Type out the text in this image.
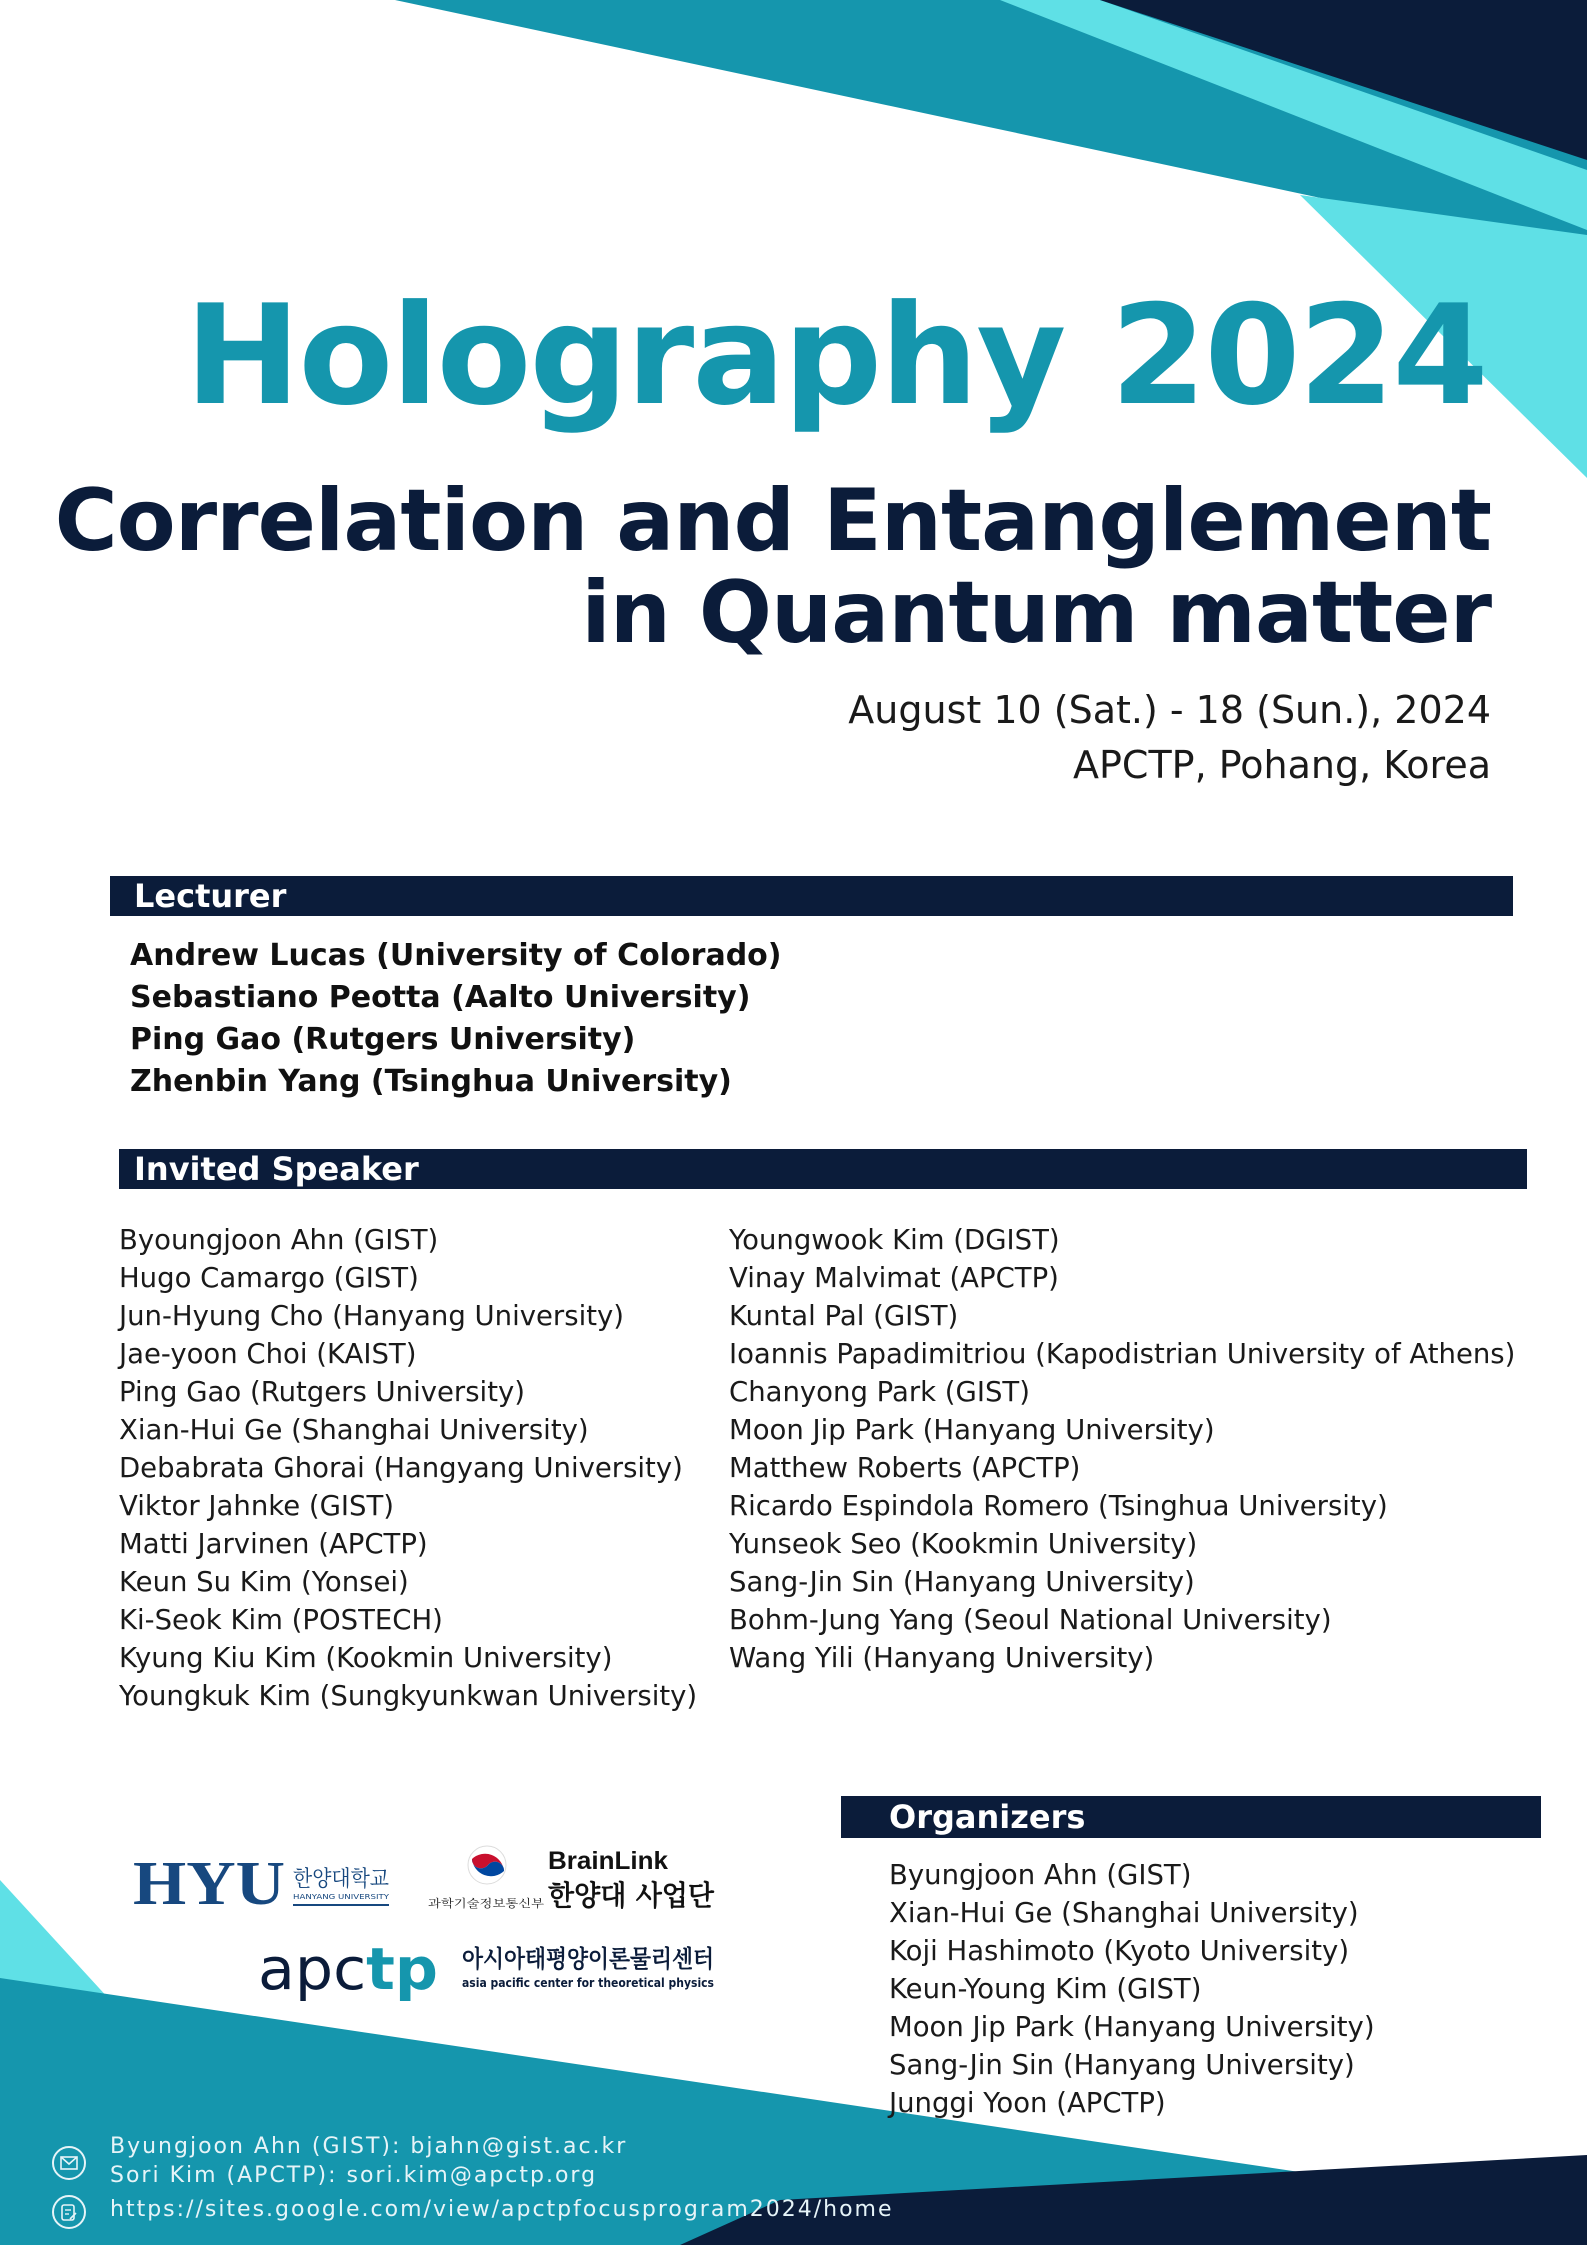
Holography 2024
Correlation and Entanglement
in Quantum matter
August 10 (Sat.) - 18 (Sun.), 2024
APCTP, Pohang, Korea
Lecturer
Andrew Lucas (University of Colorado)
Sebastiano Peotta (Aalto University)
Ping Gao (Rutgers University)
Zhenbin Yang (Tsinghua University)
Invited Speaker
Byoungjoon Ahn (GIST)
Hugo Camargo (GIST)
Jun-Hyung Cho (Hanyang University)
Jae-yoon Choi (KAIST)
Ping Gao (Rutgers University)
Xian-Hui Ge (Shanghai University)
Debabrata Ghorai (Hangyang University)
Viktor Jahnke (GIST)
Matti Jarvinen (APCTP)
Keun Su Kim (Yonsei)
Ki-Seok Kim (POSTECH)
Kyung Kiu Kim (Kookmin University)
Youngkuk Kim (Sungkyunkwan University)
Youngwook Kim (DGIST)
Vinay Malvimat (APCTP)
Kuntal Pal (GIST)
Ioannis Papadimitriou (Kapodistrian University of Athens)
Chanyong Park (GIST)
Moon Jip Park (Hanyang University)
Matthew Roberts (APCTP)
Ricardo Espindola Romero (Tsinghua University)
Yunseok Seo (Kookmin University)
Sang-Jin Sin (Hanyang University)
Bohm-Jung Yang (Seoul National University)
Wang Yili (Hanyang University)
Organizers
Byungjoon Ahn (GIST)
Xian-Hui Ge (Shanghai University)
Koji Hashimoto (Kyoto University)
Keun-Young Kim (GIST)
Moon Jip Park (Hanyang University)
Sang-Jin Sin (Hanyang University)
Junggi Yoon (APCTP)
HYU 한양대학교
HANYANG UNIVERSITY	과학기술정보통신부
BrainLink
한양대 사업단
apctp 아시아태평양이론물리센터
asia pacific center for theoretical physics
Byungjoon Ahn (GIST): bjahn@gist.ac.kr
Sori Kim (APCTP): sori.kim@apctp.org
https://sites.google.com/view/apctpfocusprogram2024/home
